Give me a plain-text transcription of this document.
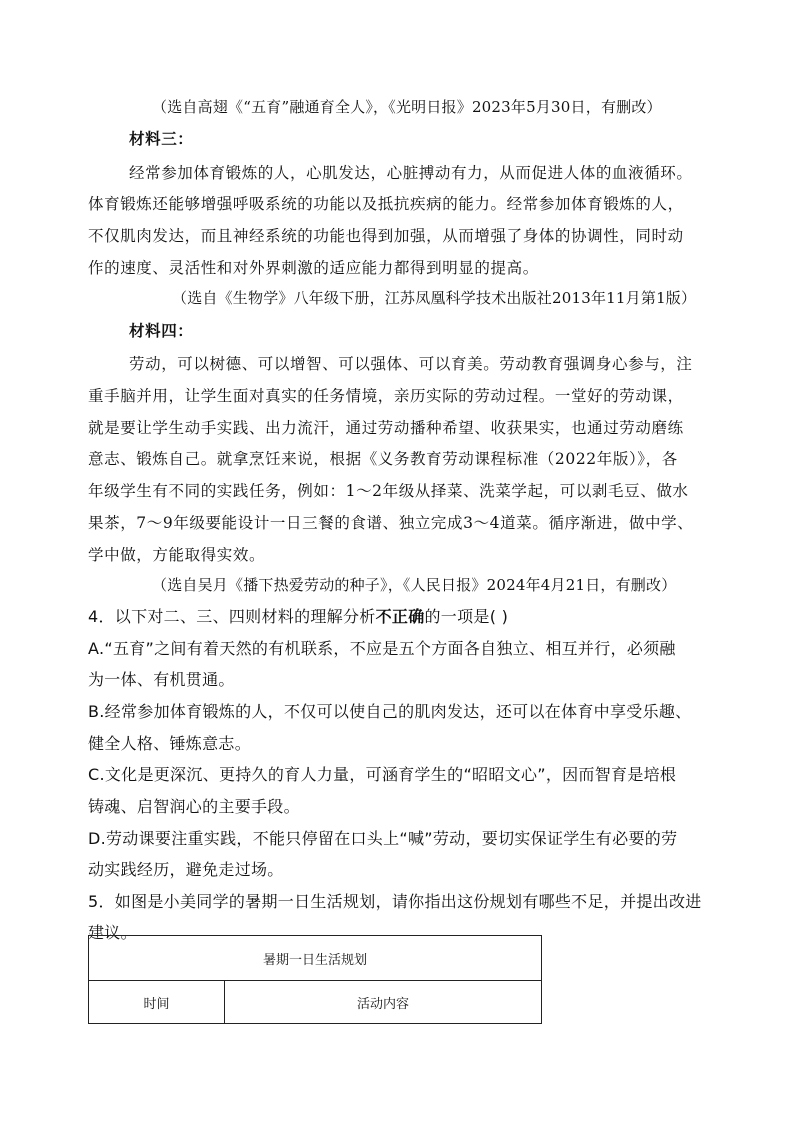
（选自高翅《“五育”融通育全人》，《光明日报》2023年5月30日，有删改）
材料三：
经常参加体育锻炼的人，心肌发达，心脏搏动有力，从而促进人体的血液循环。
体育锻炼还能够增强呼吸系统的功能以及抵抗疾病的能力。经常参加体育锻炼的人，
不仅肌肉发达，而且神经系统的功能也得到加强，从而增强了身体的协调性，同时动
作的速度、灵活性和对外界刺激的适应能力都得到明显的提高。
（选自《生物学》八年级下册，江苏凤凰科学技术出版社2013年11月第1版）
材料四：
劳动，可以树德、可以增智、可以强体、可以育美。劳动教育强调身心参与，注
重手脑并用，让学生面对真实的任务情境，亲历实际的劳动过程。一堂好的劳动课，
就是要让学生动手实践、出力流汗，通过劳动播种希望、收获果实，也通过劳动磨练
意志、锻炼自己。就拿烹饪来说，根据《义务教育劳动课程标准（2022年版）》，各
年级学生有不同的实践任务，例如：1～2年级从择菜、洗菜学起，可以剥毛豆、做水
果茶，7～9年级要能设计一日三餐的食谱、独立完成3～4道菜。循序渐进，做中学、
学中做，方能取得实效。
（选自吴月《播下热爱劳动的种子》，《人民日报》2024年4月21日，有删改）
4．以下对二、三、四则材料的理解分析不正确的一项是( )
A.“五育”之间有着天然的有机联系，不应是五个方面各自独立、相互并行，必须融
为一体、有机贯通。
B.经常参加体育锻炼的人，不仅可以使自己的肌肉发达，还可以在体育中享受乐趣、
健全人格、锤炼意志。
C.文化是更深沉、更持久的育人力量，可涵育学生的“昭昭文心”，因而智育是培根
铸魂、启智润心的主要手段。
D.劳动课要注重实践，不能只停留在口头上“喊”劳动，要切实保证学生有必要的劳
动实践经历，避免走过场。
5．如图是小美同学的暑期一日生活规划，请你指出这份规划有哪些不足，并提出改进
建议。
暑期一日生活规划
时间	活动内容
